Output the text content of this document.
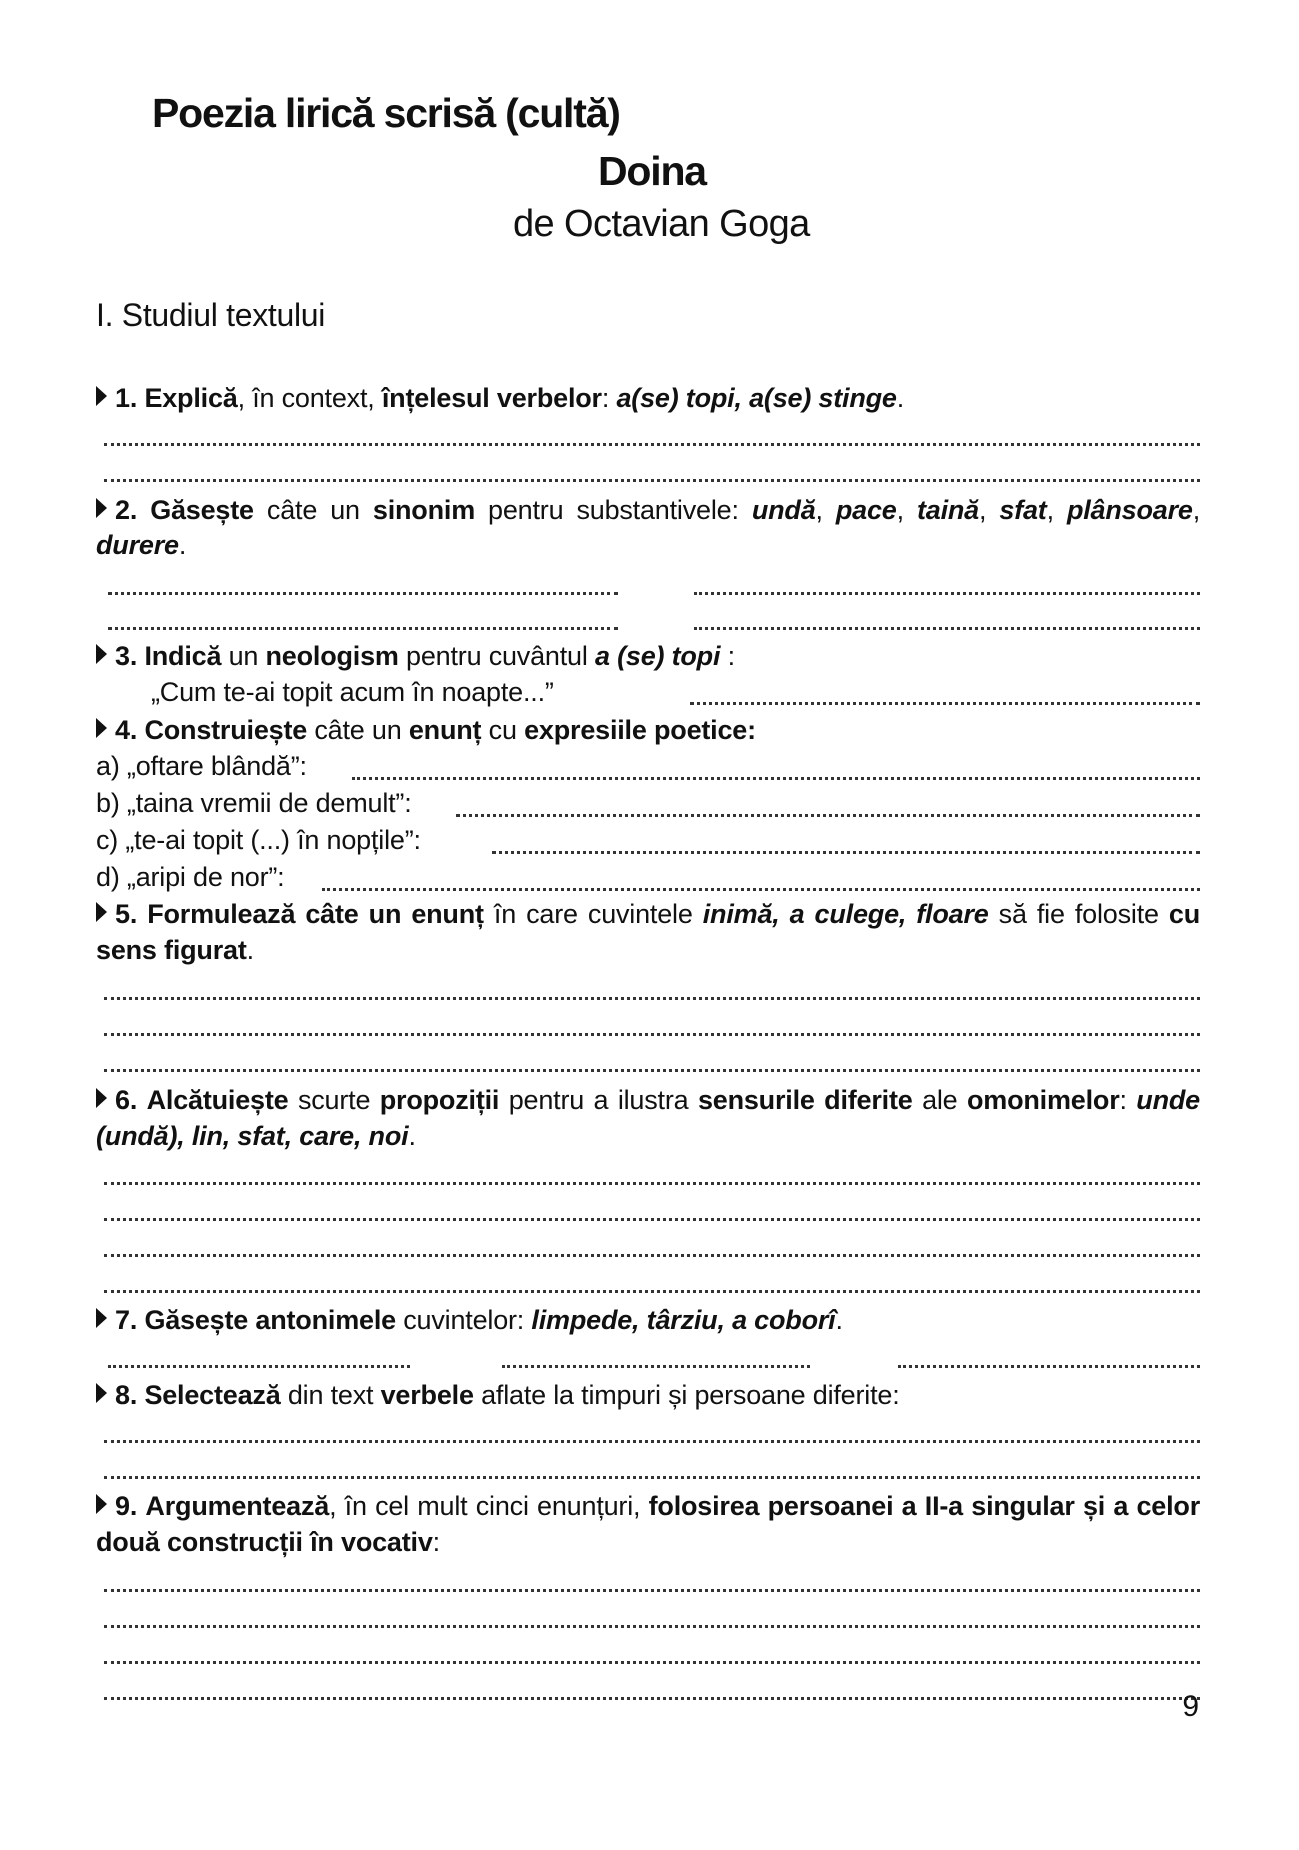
Poezia lirică scrisă (cultă)
Doina
de Octavian Goga
I. Studiul textului
1. Explică, în context, înțelesul verbelor: a(se) topi, a(se) stinge.
2. Găsește câte un sinonim pentru substantivele: undă, pace, taină, sfat, plânsoare,
durere.
3. Indică un neologism pentru cuvântul a (se) topi :
„Cum te-ai topit acum în noapte...”
4. Construiește câte un enunț cu expresiile poetice:
a) „oftare blândă”:
b) „taina vremii de demult”:
c) „te-ai topit (...) în nopțile”:
d) „aripi de nor”:
5. Formulează câte un enunț în care cuvintele inimă, a culege, floare să fie folosite cu
sens figurat.
6. Alcătuiește scurte propoziții pentru a ilustra sensurile diferite ale omonimelor: unde
(undă), lin, sfat, care, noi.
7. Găsește antonimele cuvintelor: limpede, târziu, a coborî.
8. Selectează din text verbele aflate la timpuri și persoane diferite:
9. Argumentează, în cel mult cinci enunțuri, folosirea persoanei a II-a singular și a celor
două construcții în vocativ:
9
